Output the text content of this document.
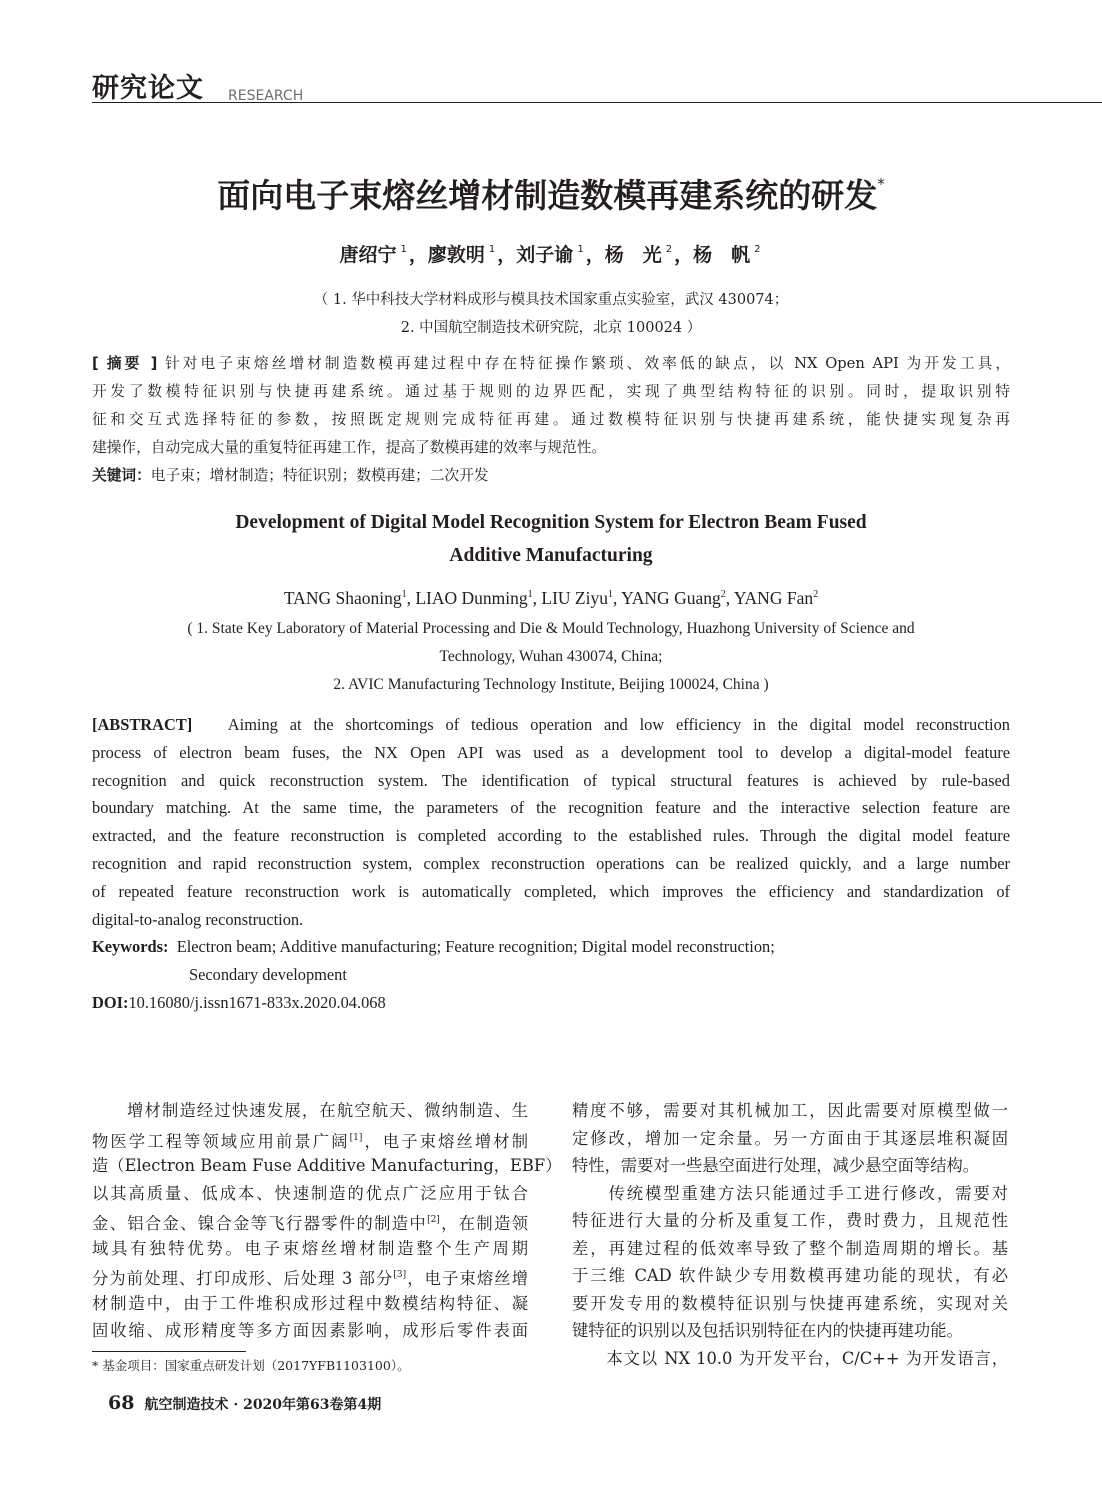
研究论文 RESEARCH
面向电子束熔丝增材制造数模再建系统的研发*
唐绍宁 $^1$ ，廖敦明 $^1$ ，刘子谕 $^1$ ，杨　光 $^2$ ，杨　帆 $^2$
（ 1. 华中科技大学材料成形与模具技术国家重点实验室，武汉 430074；
2. 中国航空制造技术研究院，北京 100024 ）
[ 摘要 ] 针对电子束熔丝增材制造数模再建过程中存在特征操作繁琐、效率低的缺点，以 NX Open API 为开发工具，
开发了数模特征识别与快捷再建系统。通过基于规则的边界匹配，实现了典型结构特征的识别。同时，提取识别特
征和交互式选择特征的参数，按照既定规则完成特征再建。通过数模特征识别与快捷再建系统，能快捷实现复杂再
建操作，自动完成大量的重复特征再建工作，提高了数模再建的效率与规范性。
关键词：电子束；增材制造；特征识别；数模再建；二次开发
Development of Digital Model Recognition System for Electron Beam Fused
Additive Manufacturing
TANG Shaoning$^1$, LIAO Dunming$^1$, LIU Ziyu$^1$, YANG Guang$^2$, YANG Fan$^2$
( 1. State Key Laboratory of Material Processing and Die & Mould Technology, Huazhong University of Science and
Technology, Wuhan 430074, China;
2. AVIC Manufacturing Technology Institute, Beijing 100024, China )
[ABSTRACT] Aiming at the shortcomings of tedious operation and low efficiency in the digital model reconstruction
process of electron beam fuses, the NX Open API was used as a development tool to develop a digital-model feature
recognition and quick reconstruction system. The identification of typical structural features is achieved by rule-based
boundary matching. At the same time, the parameters of the recognition feature and the interactive selection feature are
extracted, and the feature reconstruction is completed according to the established rules. Through the digital model feature
recognition and rapid reconstruction system, complex reconstruction operations can be realized quickly, and a large number
of repeated feature reconstruction work is automatically completed, which improves the efficiency and standardization of
digital-to-analog reconstruction.
Keywords: Electron beam; Additive manufacturing; Feature recognition; Digital model reconstruction;
Secondary development
DOI:10.16080/j.issn1671-833x.2020.04.068
　　增材制造经过快速发展，在航空航天、微纳制造、生
物医学工程等领域应用前景广阔[1]，电子束熔丝增材制
造（Electron Beam Fuse Additive Manufacturing，EBF）
以其高质量、低成本、快速制造的优点广泛应用于钛合
金、铝合金、镍合金等飞行器零件的制造中[2]，在制造领
域具有独特优势。电子束熔丝增材制造整个生产周期
分为前处理、打印成形、后处理 3 部分[3]，电子束熔丝增
材制造中，由于工件堆积成形过程中数模结构特征、凝
固收缩、成形精度等多方面因素影响，成形后零件表面
精度不够，需要对其机械加工，因此需要对原模型做一
定修改，增加一定余量。另一方面由于其逐层堆积凝固
特性，需要对一些悬空面进行处理，减少悬空面等结构。
　　传统模型重建方法只能通过手工进行修改，需要对
特征进行大量的分析及重复工作，费时费力，且规范性
差，再建过程的低效率导致了整个制造周期的增长。基
于三维 CAD 软件缺少专用数模再建功能的现状，有必
要开发专用的数模特征识别与快捷再建系统，实现对关
键特征的识别以及包括识别特征在内的快捷再建功能。
　　本文以 NX 10.0 为开发平台，C/C++ 为开发语言，
* 基金项目：国家重点研发计划（2017YFB1103100）。
68 航空制造技术 · 2020年第63卷第4期
